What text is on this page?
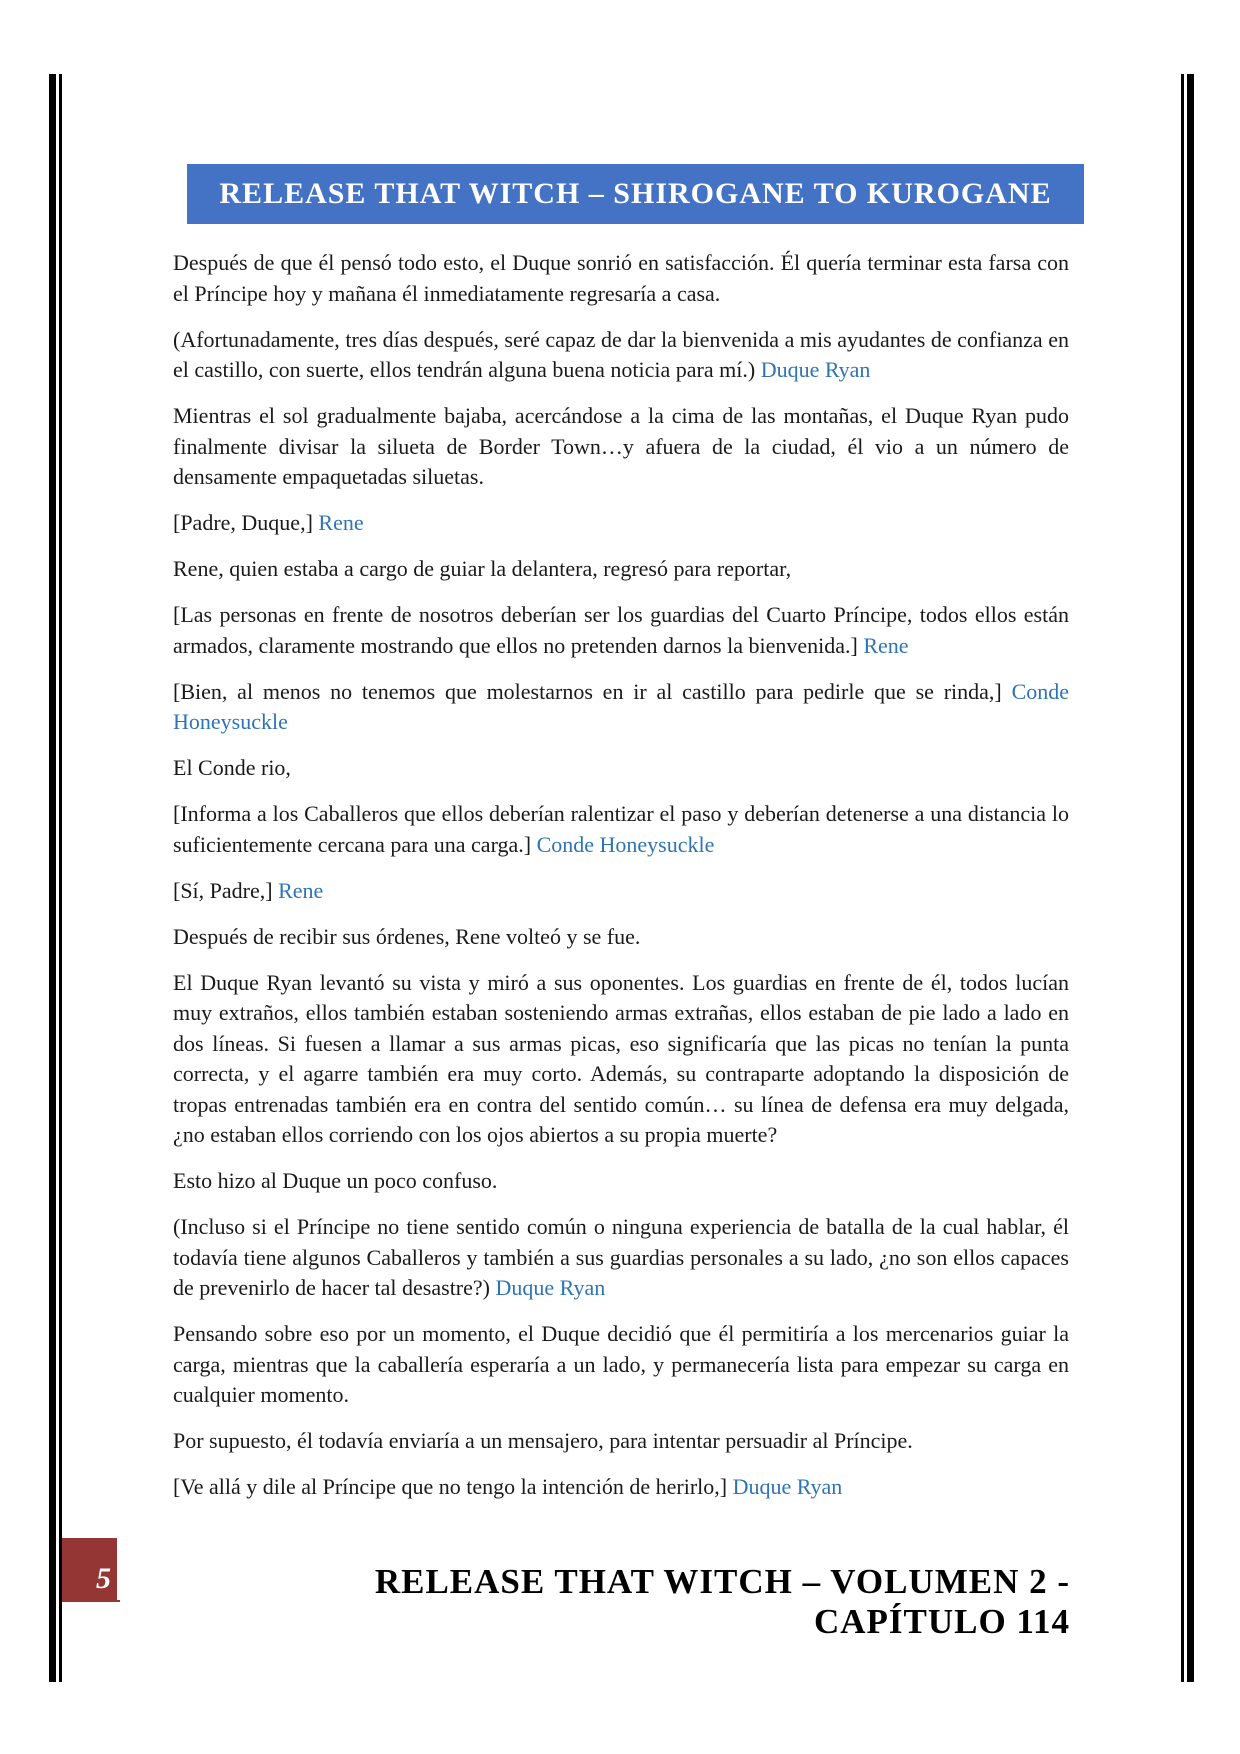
RELEASE THAT WITCH – SHIROGANE TO KUROGANE

Después de que él pensó todo esto, el Duque sonrió en satisfacción. Él quería terminar esta farsa con el Príncipe hoy y mañana él inmediatamente regresaría a casa.

(Afortunadamente, tres días después, seré capaz de dar la bienvenida a mis ayudantes de confianza en el castillo, con suerte, ellos tendrán alguna buena noticia para mí.) Duque Ryan

Mientras el sol gradualmente bajaba, acercándose a la cima de las montañas, el Duque Ryan pudo finalmente divisar la silueta de Border Town…y afuera de la ciudad, él vio a un número de densamente empaquetadas siluetas.

[Padre, Duque,] Rene

Rene, quien estaba a cargo de guiar la delantera, regresó para reportar,

[Las personas en frente de nosotros deberían ser los guardias del Cuarto Príncipe, todos ellos están armados, claramente mostrando que ellos no pretenden darnos la bienvenida.] Rene

[Bien, al menos no tenemos que molestarnos en ir al castillo para pedirle que se rinda,] Conde Honeysuckle

El Conde rio,

[Informa a los Caballeros que ellos deberían ralentizar el paso y deberían detenerse a una distancia lo suficientemente cercana para una carga.] Conde Honeysuckle

[Sí, Padre,] Rene

Después de recibir sus órdenes, Rene volteó y se fue.

El Duque Ryan levantó su vista y miró a sus oponentes. Los guardias en frente de él, todos lucían muy extraños, ellos también estaban sosteniendo armas extrañas, ellos estaban de pie lado a lado en dos líneas. Si fuesen a llamar a sus armas picas, eso significaría que las picas no tenían la punta correcta, y el agarre también era muy corto. Además, su contraparte adoptando la disposición de tropas entrenadas también era en contra del sentido común… su línea de defensa era muy delgada, ¿no estaban ellos corriendo con los ojos abiertos a su propia muerte?

Esto hizo al Duque un poco confuso.

(Incluso si el Príncipe no tiene sentido común o ninguna experiencia de batalla de la cual hablar, él todavía tiene algunos Caballeros y también a sus guardias personales a su lado, ¿no son ellos capaces de prevenirlo de hacer tal desastre?) Duque Ryan

Pensando sobre eso por un momento, el Duque decidió que él permitiría a los mercenarios guiar la carga, mientras que la caballería esperaría a un lado, y permanecería lista para empezar su carga en cualquier momento.

Por supuesto, él todavía enviaría a un mensajero, para intentar persuadir al Príncipe.

[Ve allá y dile al Príncipe que no tengo la intención de herirlo,] Duque Ryan

5	RELEASE THAT WITCH – VOLUMEN 2 - CAPÍTULO 114
